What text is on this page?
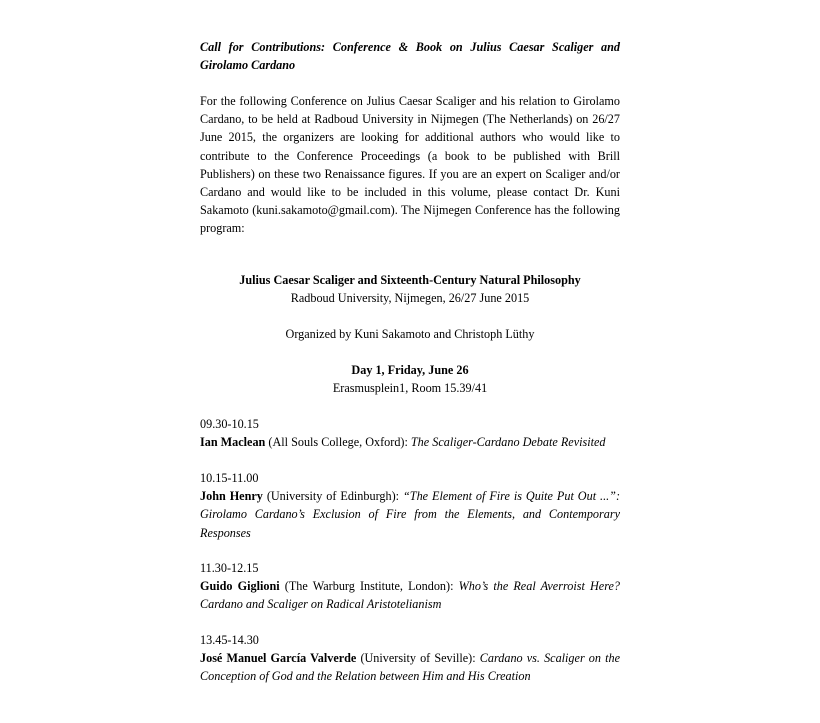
Call for Contributions: Conference & Book on Julius Caesar Scaliger and
Girolamo Cardano
For the following Conference on Julius Caesar Scaliger and his relation to Girolamo
Cardano, to be held at Radboud University in Nijmegen (The Netherlands) on 26/27
June 2015, the organizers are looking for additional authors who would like to
contribute to the Conference Proceedings (a book to be published with Brill
Publishers) on these two Renaissance figures. If you are an expert on Scaliger and/or
Cardano and would like to be included in this volume, please contact Dr. Kuni
Sakamoto (kuni.sakamoto@gmail.com). The Nijmegen Conference has the following
program:
Julius Caesar Scaliger and Sixteenth-Century Natural Philosophy
Radboud University, Nijmegen, 26/27 June 2015
Organized by Kuni Sakamoto and Christoph Lüthy
Day 1, Friday, June 26
Erasmusplein1, Room 15.39/41
09.30-10.15
Ian Maclean (All Souls College, Oxford): The Scaliger-Cardano Debate Revisited
10.15-11.00
John Henry (University of Edinburgh): “The Element of Fire is Quite Put Out ...”:
Girolamo Cardano’s Exclusion of Fire from the Elements, and Contemporary
Responses
11.30-12.15
Guido Giglioni (The Warburg Institute, London): Who’s the Real Averroist Here?
Cardano and Scaliger on Radical Aristotelianism
13.45-14.30
José Manuel García Valverde (University of Seville): Cardano vs. Scaliger on the
Conception of God and the Relation between Him and His Creation
